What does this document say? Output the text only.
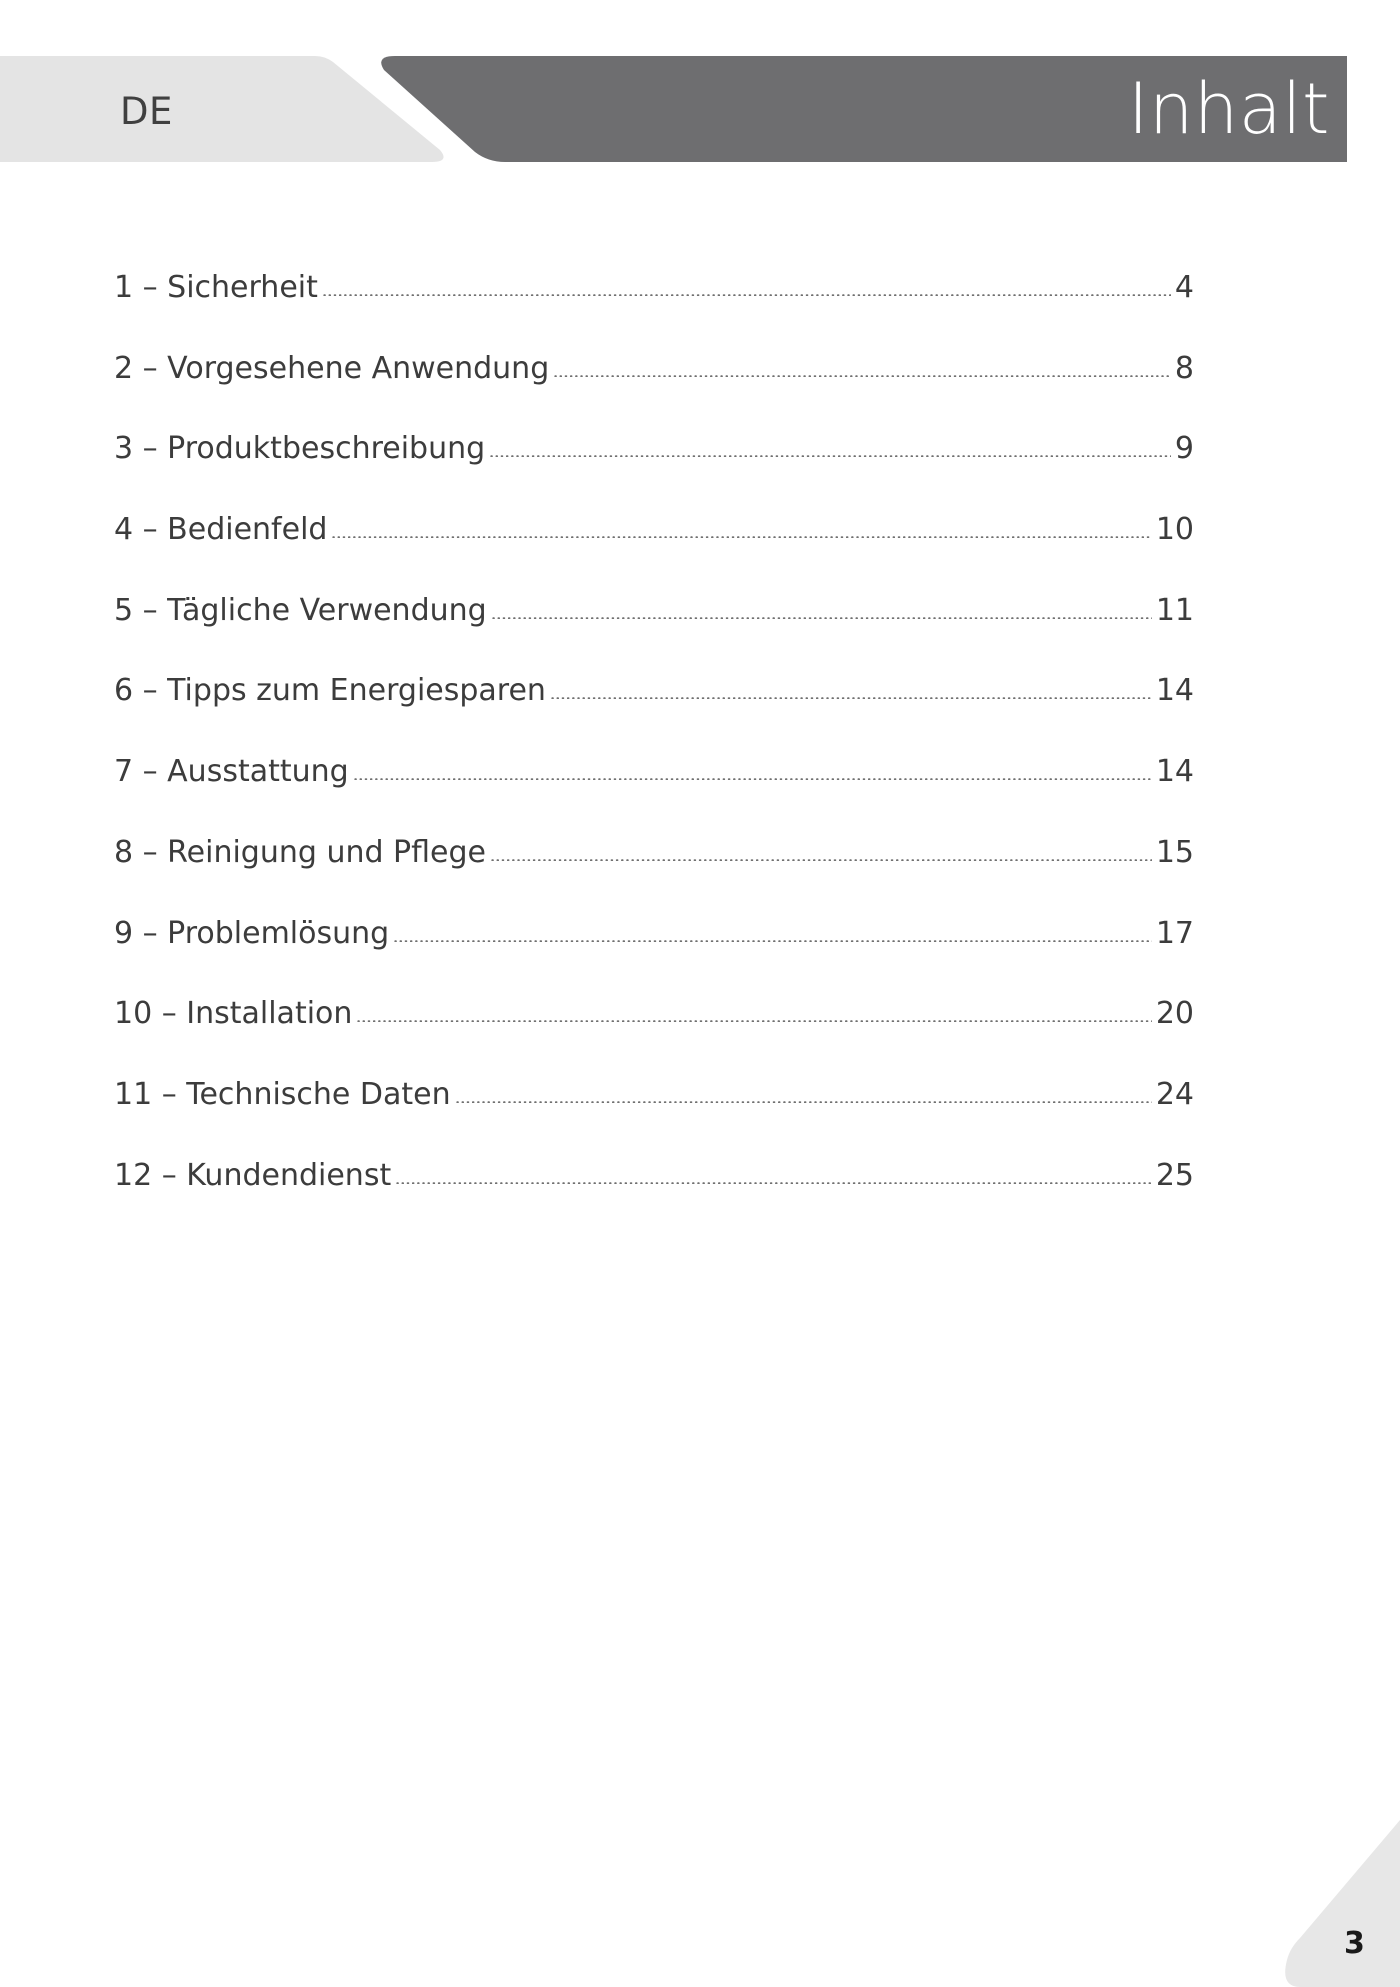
DE	Inhalt
1 – Sicherheit	4
2 – Vorgesehene Anwendung	8
3 – Produktbeschreibung	9
4 – Bedienfeld	10
5 – Tägliche Verwendung	11
6 – Tipps zum Energiesparen	14
7 – Ausstattung	14
8 – Reinigung und Pflege	15
9 – Problemlösung	17
10 – Installation	20
11 – Technische Daten	24
12 – Kundendienst	25
3
